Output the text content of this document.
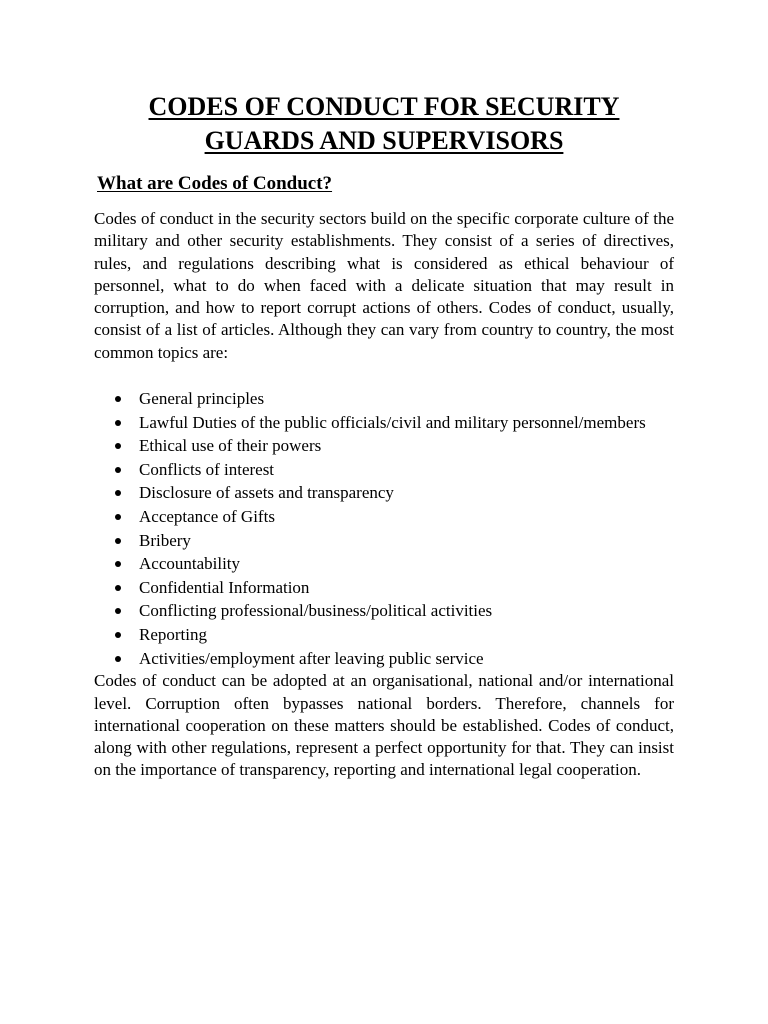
CODES OF CONDUCT FOR SECURITY
GUARDS AND SUPERVISORS
What are Codes of Conduct?

Codes of conduct in the security sectors build on the specific corporate culture of the military and other security establishments. They consist of a series of directives, rules, and regulations describing what is considered as ethical behaviour of personnel, what to do when faced with a delicate situation that may result in corruption, and how to report corrupt actions of others. Codes of conduct, usually, consist of a list of articles. Although they can vary from country to country, the most common topics are:

General principles
Lawful Duties of the public officials/civil and military personnel/members
Ethical use of their powers
Conflicts of interest
Disclosure of assets and transparency
Acceptance of Gifts
Bribery
Accountability
Confidential Information
Conflicting professional/business/political activities
Reporting
Activities/employment after leaving public service

Codes of conduct can be adopted at an organisational, national and/or international level. Corruption often bypasses national borders. Therefore, channels for international cooperation on these matters should be established. Codes of conduct, along with other regulations, represent a perfect opportunity for that. They can insist on the importance of transparency, reporting and international legal cooperation.
